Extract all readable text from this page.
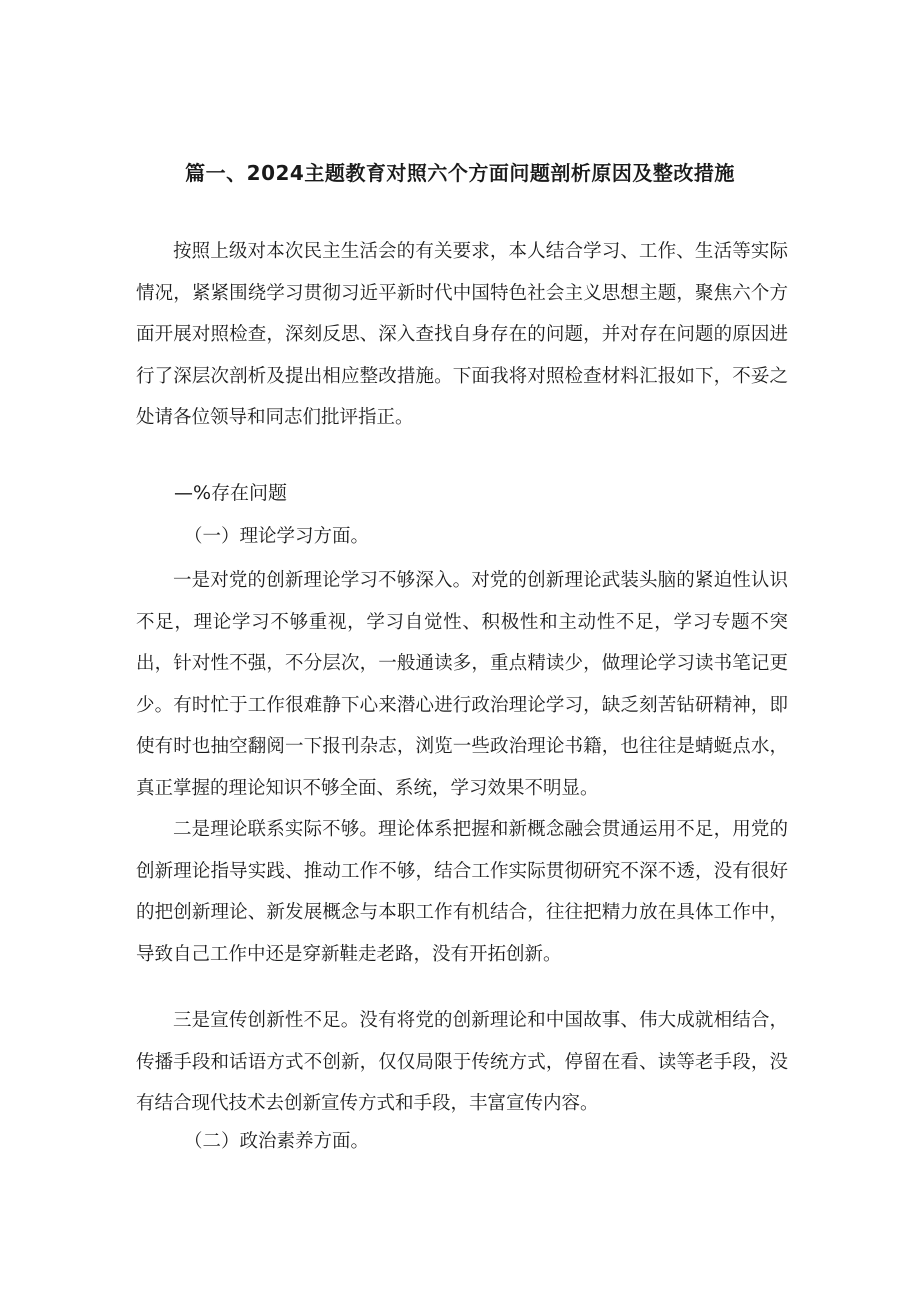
篇一、2024主题教育对照六个方面问题剖析原因及整改措施

按照上级对本次民主生活会的有关要求，本人结合学习、工作、生活等实际情况，紧紧围绕学习贯彻习近平新时代中国特色社会主义思想主题，聚焦六个方面开展对照检查，深刻反思、深入查找自身存在的问题，并对存在问题的原因进行了深层次剖析及提出相应整改措施。下面我将对照检查材料汇报如下，不妥之处请各位领导和同志们批评指正。

—%存在问题
（一）理论学习方面。

一是对党的创新理论学习不够深入。对党的创新理论武装头脑的紧迫性认识不足，理论学习不够重视，学习自觉性、积极性和主动性不足，学习专题不突出，针对性不强，不分层次，一般通读多，重点精读少，做理论学习读书笔记更少。有时忙于工作很难静下心来潜心进行政治理论学习，缺乏刻苦钻研精神，即使有时也抽空翻阅一下报刊杂志，浏览一些政治理论书籍，也往往是蜻蜓点水，真正掌握的理论知识不够全面、系统，学习效果不明显。

二是理论联系实际不够。理论体系把握和新概念融会贯通运用不足，用党的创新理论指导实践、推动工作不够，结合工作实际贯彻研究不深不透，没有很好的把创新理论、新发展概念与本职工作有机结合，往往把精力放在具体工作中，导致自己工作中还是穿新鞋走老路，没有开拓创新。

三是宣传创新性不足。没有将党的创新理论和中国故事、伟大成就相结合，传播手段和话语方式不创新，仅仅局限于传统方式，停留在看、读等老手段，没有结合现代技术去创新宣传方式和手段，丰富宣传内容。

（二）政治素养方面。
